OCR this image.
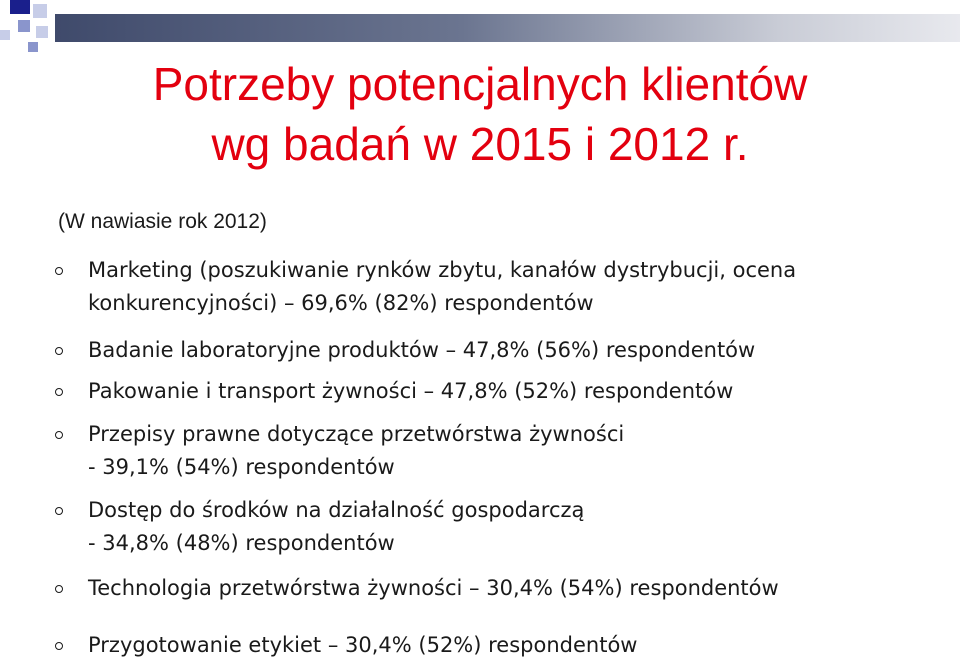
Potrzeby potencjalnych klientów
wg badań w 2015 i 2012 r.
(W nawiasie rok 2012)
Marketing (poszukiwanie rynków zbytu, kanałów dystrybucji, ocena
konkurencyjności) – 69,6% (82%) respondentów
Badanie laboratoryjne produktów – 47,8% (56%) respondentów
Pakowanie i transport żywności – 47,8% (52%) respondentów
Przepisy prawne dotyczące przetwórstwa żywności
- 39,1% (54%) respondentów
Dostęp do środków na działalność gospodarczą
- 34,8% (48%) respondentów
Technologia przetwórstwa żywności – 30,4% (54%) respondentów
Przygotowanie etykiet – 30,4% (52%) respondentów
